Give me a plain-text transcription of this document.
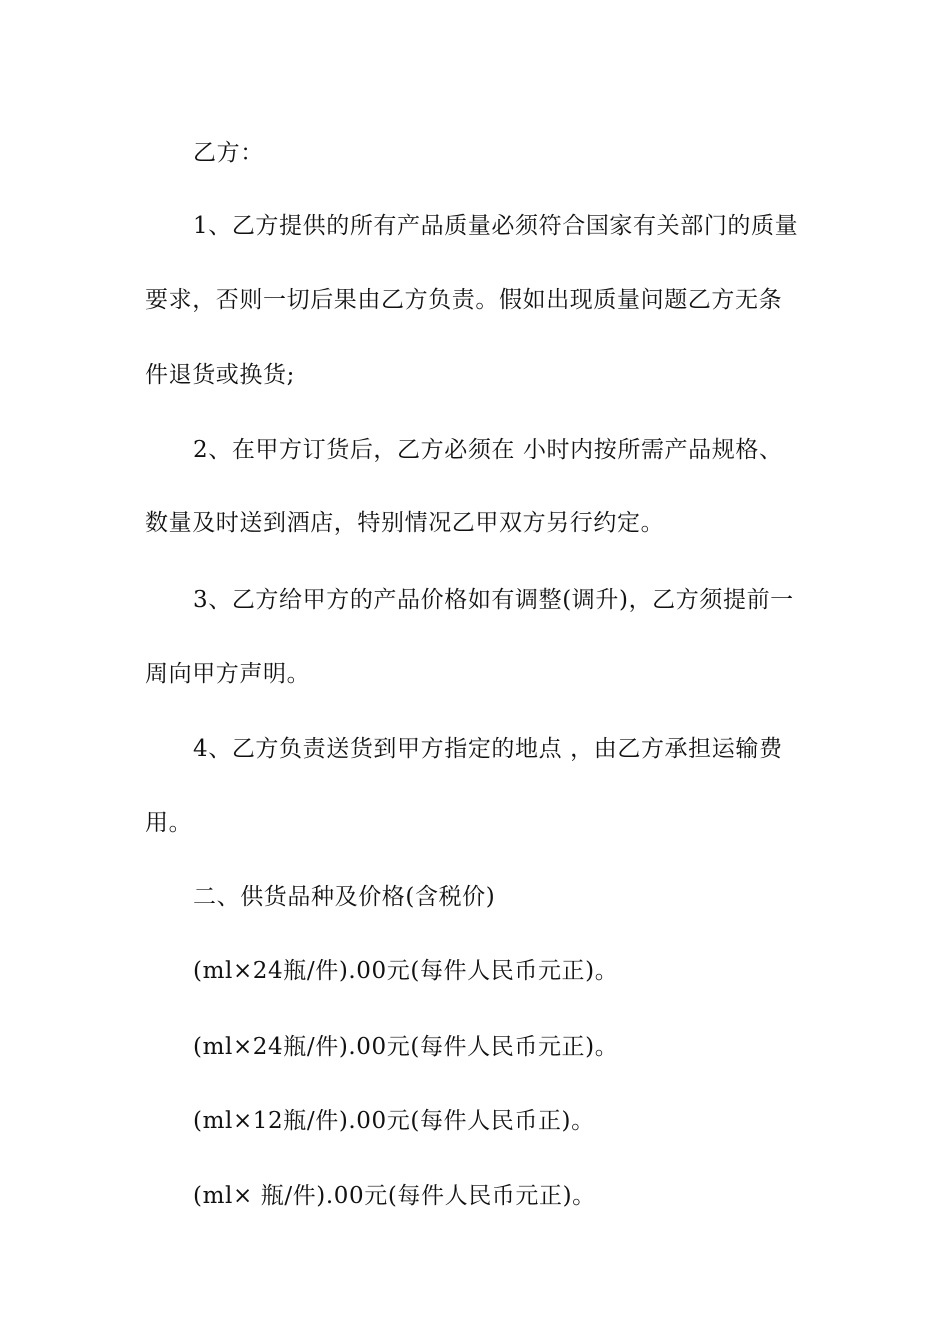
乙方：
1、乙方提供的所有产品质量必须符合国家有关部门的质量
要求，否则一切后果由乙方负责。假如出现质量问题乙方无条
件退货或换货;
2、在甲方订货后，乙方必须在 小时内按所需产品规格、
数量及时送到酒店，特别情况乙甲双方另行约定。
3、乙方给甲方的产品价格如有调整(调升)，乙方须提前一
周向甲方声明。
4、乙方负责送货到甲方指定的地点 ，由乙方承担运输费
用。
二、供货品种及价格(含税价)
(ml×24瓶/件).00元(每件人民币元正)。
(ml×24瓶/件).00元(每件人民币元正)。
(ml×12瓶/件).00元(每件人民币正)。
(ml× 瓶/件).00元(每件人民币元正)。
